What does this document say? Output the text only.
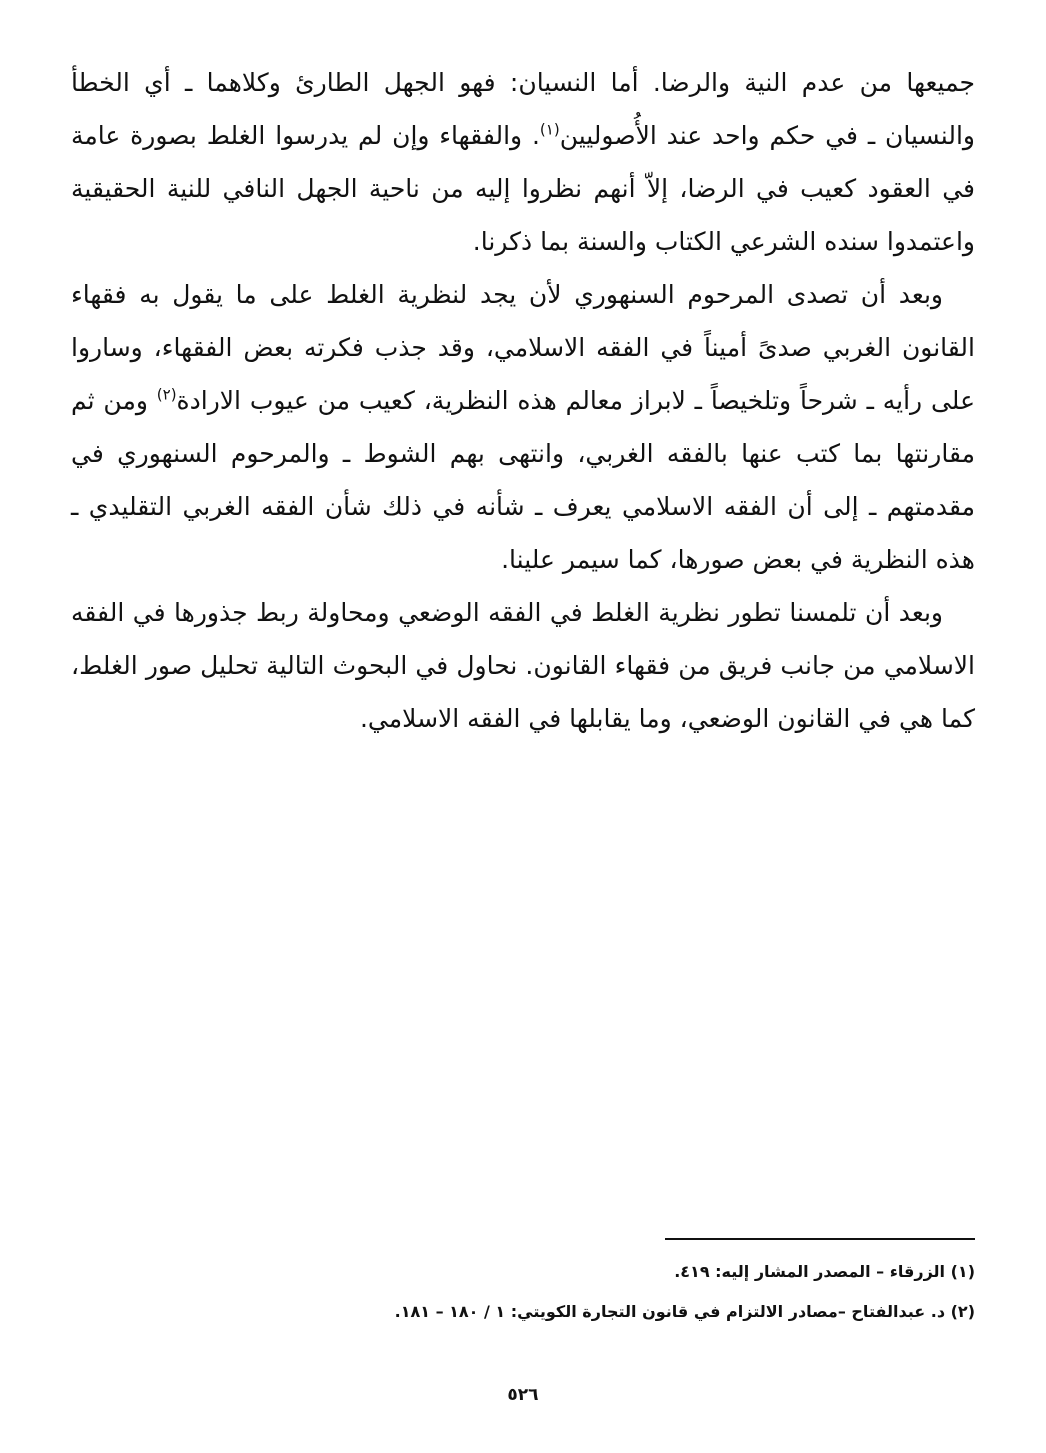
جميعها من عدم النية والرضا. أما النسيان: فهو الجهل الطارئ وكلاهما ـ أي الخطأ والنسيان ـ في حكم واحد عند الأُصوليين$^{(١)}$. والفقهاء وإن لم يدرسوا الغلط بصورة عامة في العقود كعيب في الرضا، إلاّ أنهم نظروا إليه من ناحية الجهل النافي للنية الحقيقية واعتمدوا سنده الشرعي الكتاب والسنة بما ذكرنا.

وبعد أن تصدى المرحوم السنهوري لأن يجد لنظرية الغلط على ما يقول به فقهاء القانون الغربي صدىً أميناً في الفقه الاسلامي، وقد جذب فكرته بعض الفقهاء، وساروا على رأيه ـ شرحاً وتلخيصاً ـ لابراز معالم هذه النظرية، كعيب من عيوب الارادة$^{(٢)}$ ومن ثم مقارنتها بما كتب عنها بالفقه الغربي، وانتهى بهم الشوط ـ والمرحوم السنهوري في مقدمتهم ـ إلى أن الفقه الاسلامي يعرف ـ شأنه في ذلك شأن الفقه الغربي التقليدي ـ هذه النظرية في بعض صورها، كما سيمر علينا.

وبعد أن تلمسنا تطور نظرية الغلط في الفقه الوضعي ومحاولة ربط جذورها في الفقه الاسلامي من جانب فريق من فقهاء القانون. نحاول في البحوث التالية تحليل صور الغلط، كما هي في القانون الوضعي، وما يقابلها في الفقه الاسلامي.

(١) الزرقاء – المصدر المشار إليه: ٤١٩.

(٢) د. عبدالفتاح –مصادر الالتزام في قانون التجارة الكويتي: ١ / ١٨٠ – ١٨١.

٥٢٦
